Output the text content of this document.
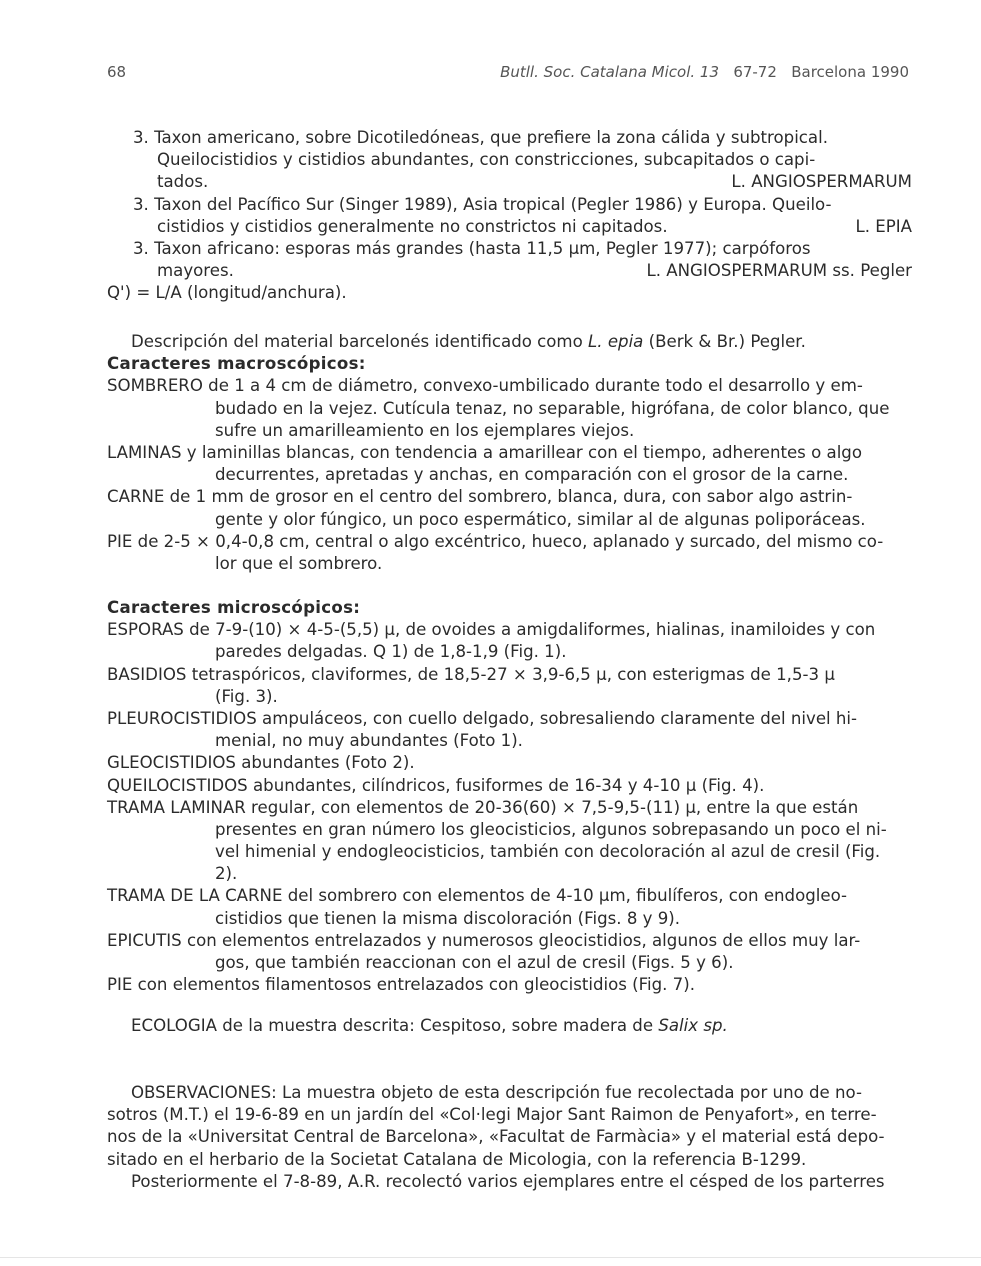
68	Butll. Soc. Catalana Micol. 13 67-72 Barcelona 1990
3. Taxon americano, sobre Dicotiledóneas, que prefiere la zona cálida y subtropical.
Queilocistidios y cistidios abundantes, con constricciones, subcapitados o capi-
tados.	L. ANGIOSPERMARUM
3. Taxon del Pacífico Sur (Singer 1989), Asia tropical (Pegler 1986) y Europa. Queilo-
cistidios y cistidios generalmente no constrictos ni capitados.	L. EPIA
3. Taxon africano: esporas más grandes (hasta 11,5 µm, Pegler 1977); carpóforos
mayores.	L. ANGIOSPERMARUM ss. Pegler
Q') = L/A (longitud/anchura).
Descripción del material barcelonés identificado como L. epia (Berk & Br.) Pegler.
Caracteres macroscópicos:
SOMBRERO de 1 a 4 cm de diámetro, convexo-umbilicado durante todo el desarrollo y em-
budado en la vejez. Cutícula tenaz, no separable, higrófana, de color blanco, que
sufre un amarilleamiento en los ejemplares viejos.
LAMINAS y laminillas blancas, con tendencia a amarillear con el tiempo, adherentes o algo
decurrentes, apretadas y anchas, en comparación con el grosor de la carne.
CARNE de 1 mm de grosor en el centro del sombrero, blanca, dura, con sabor algo astrin-
gente y olor fúngico, un poco espermático, similar al de algunas poliporáceas.
PIE de 2-5 × 0,4-0,8 cm, central o algo excéntrico, hueco, aplanado y surcado, del mismo co-
lor que el sombrero.
Caracteres microscópicos:
ESPORAS de 7-9-(10) × 4-5-(5,5) µ, de ovoides a amigdaliformes, hialinas, inamiloides y con
paredes delgadas. Q 1) de 1,8-1,9 (Fig. 1).
BASIDIOS tetraspóricos, claviformes, de 18,5-27 × 3,9-6,5 µ, con esterigmas de 1,5-3 µ
(Fig. 3).
PLEUROCISTIDIOS ampuláceos, con cuello delgado, sobresaliendo claramente del nivel hi-
menial, no muy abundantes (Foto 1).
GLEOCISTIDIOS abundantes (Foto 2).
QUEILOCISTIDOS abundantes, cilíndricos, fusiformes de 16-34 y 4-10 µ (Fig. 4).
TRAMA LAMINAR regular, con elementos de 20-36(60) × 7,5-9,5-(11) µ, entre la que están
presentes en gran número los gleocisticios, algunos sobrepasando un poco el ni-
vel himenial y endogleocisticios, también con decoloración al azul de cresil (Fig.
2).
TRAMA DE LA CARNE del sombrero con elementos de 4-10 µm, fibulíferos, con endogleo-
cistidios que tienen la misma discoloración (Figs. 8 y 9).
EPICUTIS con elementos entrelazados y numerosos gleocistidios, algunos de ellos muy lar-
gos, que también reaccionan con el azul de cresil (Figs. 5 y 6).
PIE con elementos filamentosos entrelazados con gleocistidios (Fig. 7).
ECOLOGIA de la muestra descrita: Cespitoso, sobre madera de Salix sp.
OBSERVACIONES: La muestra objeto de esta descripción fue recolectada por uno de no-
sotros (M.T.) el 19-6-89 en un jardín del «Col·legi Major Sant Raimon de Penyafort», en terre-
nos de la «Universitat Central de Barcelona», «Facultat de Farmàcia» y el material está depo-
sitado en el herbario de la Societat Catalana de Micologia, con la referencia B-1299.
Posteriormente el 7-8-89, A.R. recolectó varios ejemplares entre el césped de los parterres
